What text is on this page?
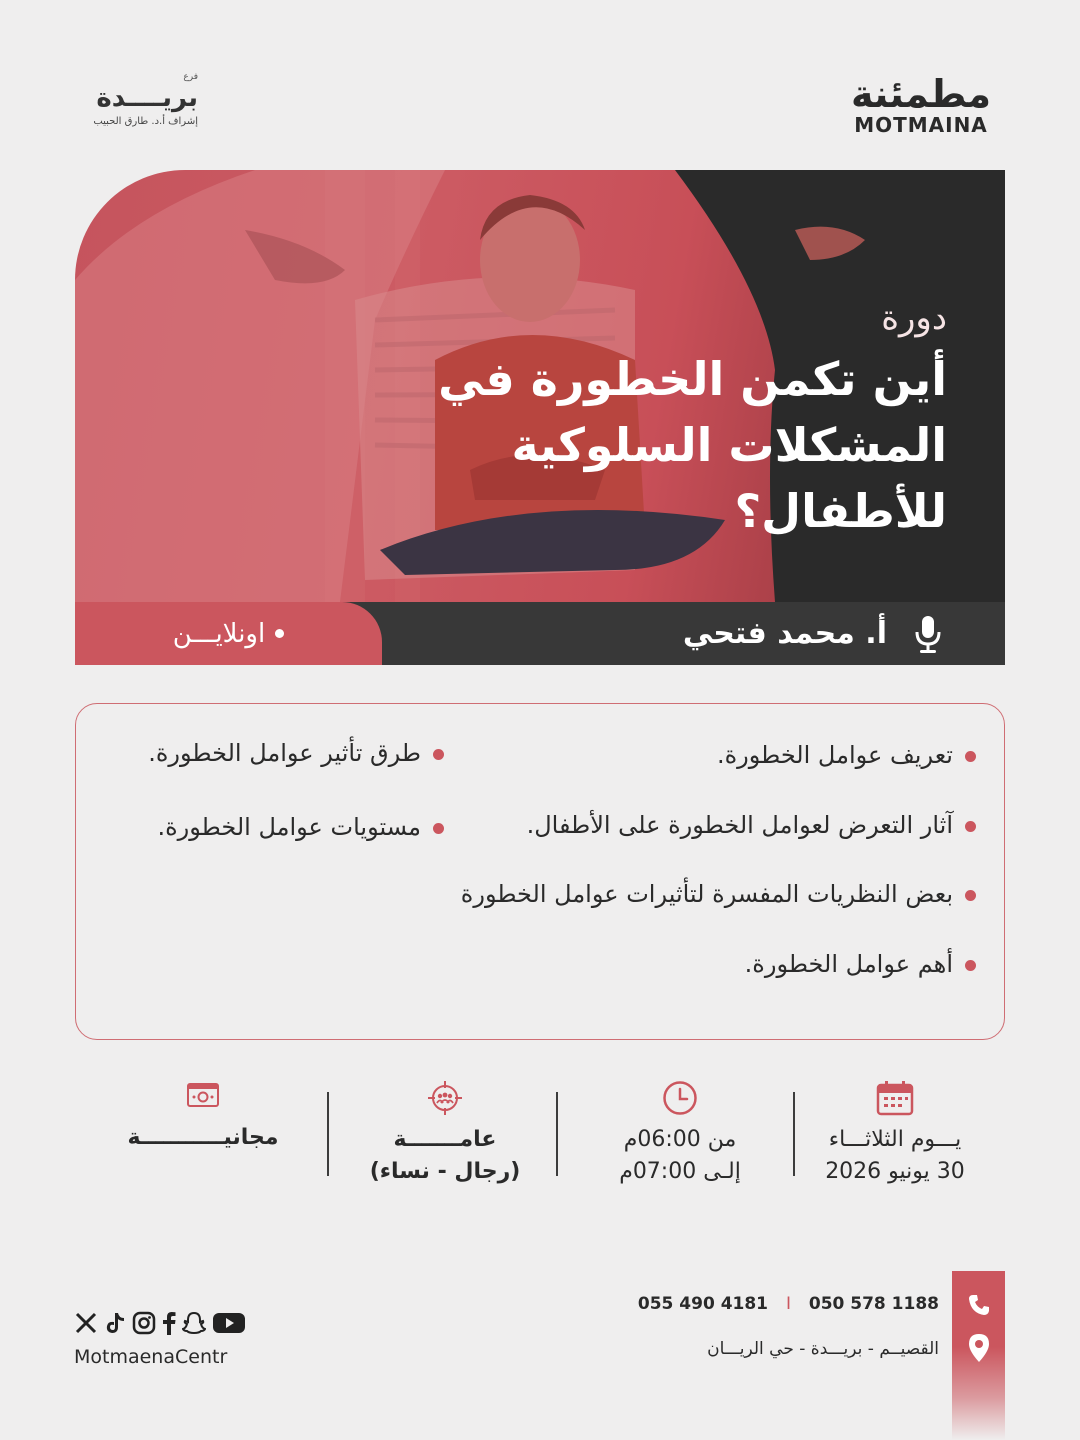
مطمئنة
MOTMAINA
فرع
بريــــدة
إشراف أ.د. طارق الحبيب
دورة
أين تكمن الخطورة في
المشكلات السلوكية
للأطفال؟
اونلايـــن	أ. محمد فتحي
تعريف عوامل الخطورة.
آثار التعرض لعوامل الخطورة على الأطفال.
بعض النظريات المفسرة لتأثيرات عوامل الخطورة
أهم عوامل الخطورة.
طرق تأثير عوامل الخطورة.
مستويات عوامل الخطورة.
يـــوم الثلاثـــاء
30 يونيو 2026
من 06:00م
إلـى 07:00م
عامـــــــة
(رجال - نساء)
مجانيـــــــــــة
055 490 4181 I 050 578 1188
القصيــم - بريـــدة - حي الريـــان
MotmaenaCentr
